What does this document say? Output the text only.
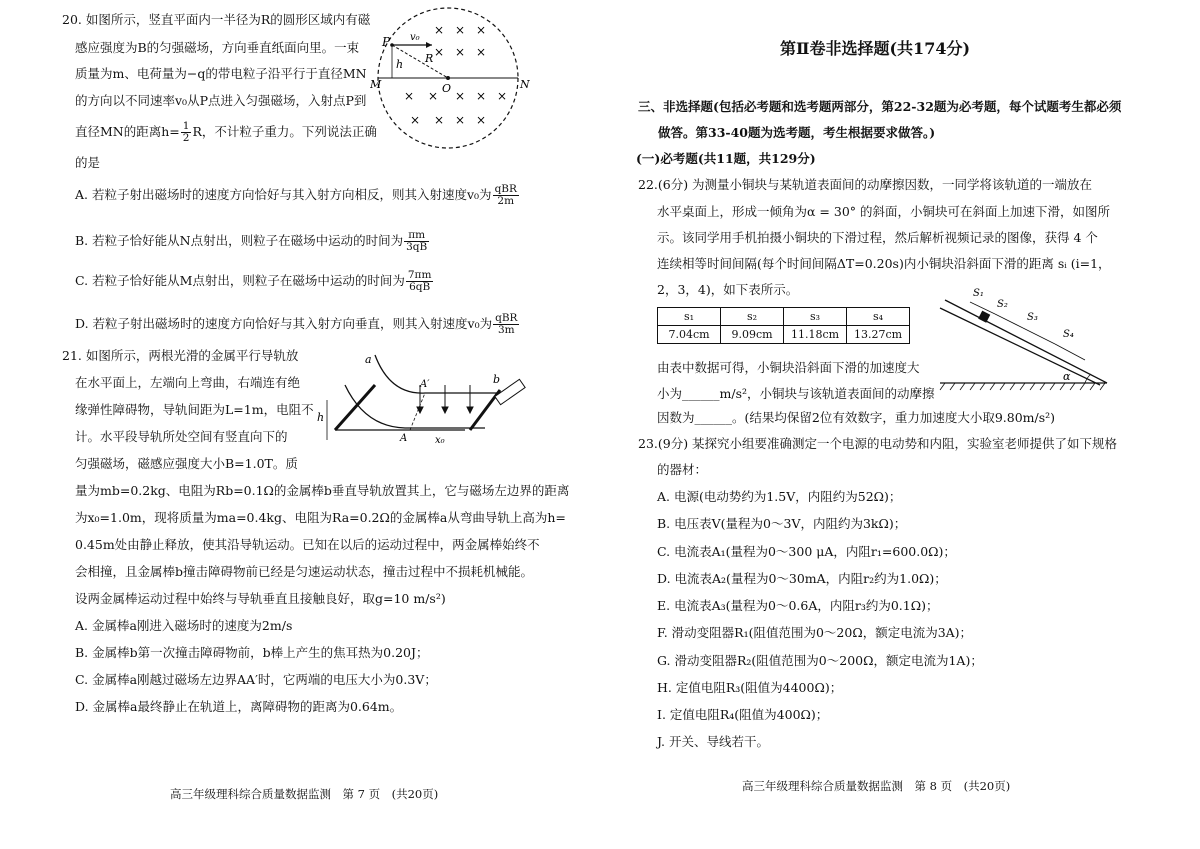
20. 如图所示，竖直平面内一半径为R的圆形区域内有磁
感应强度为B的匀强磁场，方向垂直纸面向里。一束
质量为m、电荷量为−q的带电粒子沿平行于直径MN
的方向以不同速率v₀从P点进入匀强磁场，入射点P到
直径MN的距离$h= \frac{1}{2}$ R，不计粒子重力。下列说法正确
的是
A. 若粒子射出磁场时的速度方向恰好与其入射方向相反，则其入射速度v₀为 $\frac{\text{qBR}}{2m}$
B. 若粒子恰好能从N点射出，则粒子在磁场中运动的时间为 $\frac{\pi m}{3qB}$
C. 若粒子恰好能从M点射出，则粒子在磁场中运动的时间为 $\frac{7\pi m}{6qB}$
D. 若粒子射出磁场时的速度方向恰好与其入射方向垂直，则其入射速度v₀为 $\frac{\text{qBR}}{3m}$
P v₀
h R
O
M	N
× × ×
× × ×
× × × × ×
× × × ×
21. 如图所示，两根光滑的金属平行导轨放
在水平面上，左端向上弯曲，右端连有绝
缘弹性障碍物，导轨间距为L=1m，电阻不
计。水平段导轨所处空间有竖直向下的
匀强磁场，磁感应强度大小B=1.0T。质
量为mb=0.2kg、电阻为Rb=0.1Ω的金属棒b垂直导轨放置其上，它与磁场左边界的距离
为x₀=1.0m，现将质量为ma=0.4kg、电阻为Ra=0.2Ω的金属棒a从弯曲导轨上高为h=
0.45m处由静止释放，使其沿导轨运动。已知在以后的运动过程中，两金属棒始终不
会相撞，且金属棒b撞击障碍物前已经是匀速运动状态，撞击过程中不损耗机械能。
设两金属棒运动过程中始终与导轨垂直且接触良好，取g=10 m/s²)
A. 金属棒a刚进入磁场时的速度为2m/s
B. 金属棒b第一次撞击障碍物前，b棒上产生的焦耳热为0.20J；
C. 金属棒a刚越过磁场左边界AA′时，它两端的电压大小为0.3V；
D. 金属棒a最终静止在轨道上，离障碍物的距离为0.64m。
a
b
A′
A
h
x₀
高三年级理科综合质量数据监测　第 7 页　(共20页)
第Ⅱ卷非选择题(共174分)
三、非选择题(包括必考题和选考题两部分，第22-32题为必考题，每个试题考生都必须
做答。第33-40题为选考题，考生根据要求做答。)
(一)必考题(共11题，共129分)
22.(6分) 为测量小铜块与某轨道表面间的动摩擦因数，一同学将该轨道的一端放在
水平桌面上，形成一倾角为α = 30° 的斜面，小铜块可在斜面上加速下滑，如图所
示。该同学用手机拍摄小铜块的下滑过程，然后解析视频记录的图像，获得 4 个
连续相等时间间隔(每个时间间隔ΔT=0.20s)内小铜块沿斜面下滑的距离 sᵢ (i=1，
2，3，4)，如下表所示。
s₁	s₂	s₃	s₄
7.04cm	9.09cm	11.18cm	13.27cm
S₁
S₂
S₃
S₄
α
由表中数据可得，小铜块沿斜面下滑的加速度大
小为______m/s²，小铜块与该轨道表面间的动摩擦
因数为______。(结果均保留2位有效数字，重力加速度大小取9.80m/s²)
23.(9分) 某探究小组要准确测定一个电源的电动势和内阻，实验室老师提供了如下规格
的器材：
A. 电源(电动势约为1.5V，内阻约为52Ω)；
B. 电压表V(量程为0～3V，内阻约为3kΩ)；
C. 电流表A₁(量程为0～300 μA，内阻r₁=600.0Ω)；
D. 电流表A₂(量程为0～30mA，内阻r₂约为1.0Ω)；
E. 电流表A₃(量程为0～0.6A，内阻r₃约为0.1Ω)；
F. 滑动变阻器R₁(阻值范围为0～20Ω，额定电流为3A)；
G. 滑动变阻器R₂(阻值范围为0～200Ω，额定电流为1A)；
H. 定值电阻R₃(阻值为4400Ω)；
I. 定值电阻R₄(阻值为400Ω)；
J. 开关、导线若干。
高三年级理科综合质量数据监测　第 8 页　(共20页)
